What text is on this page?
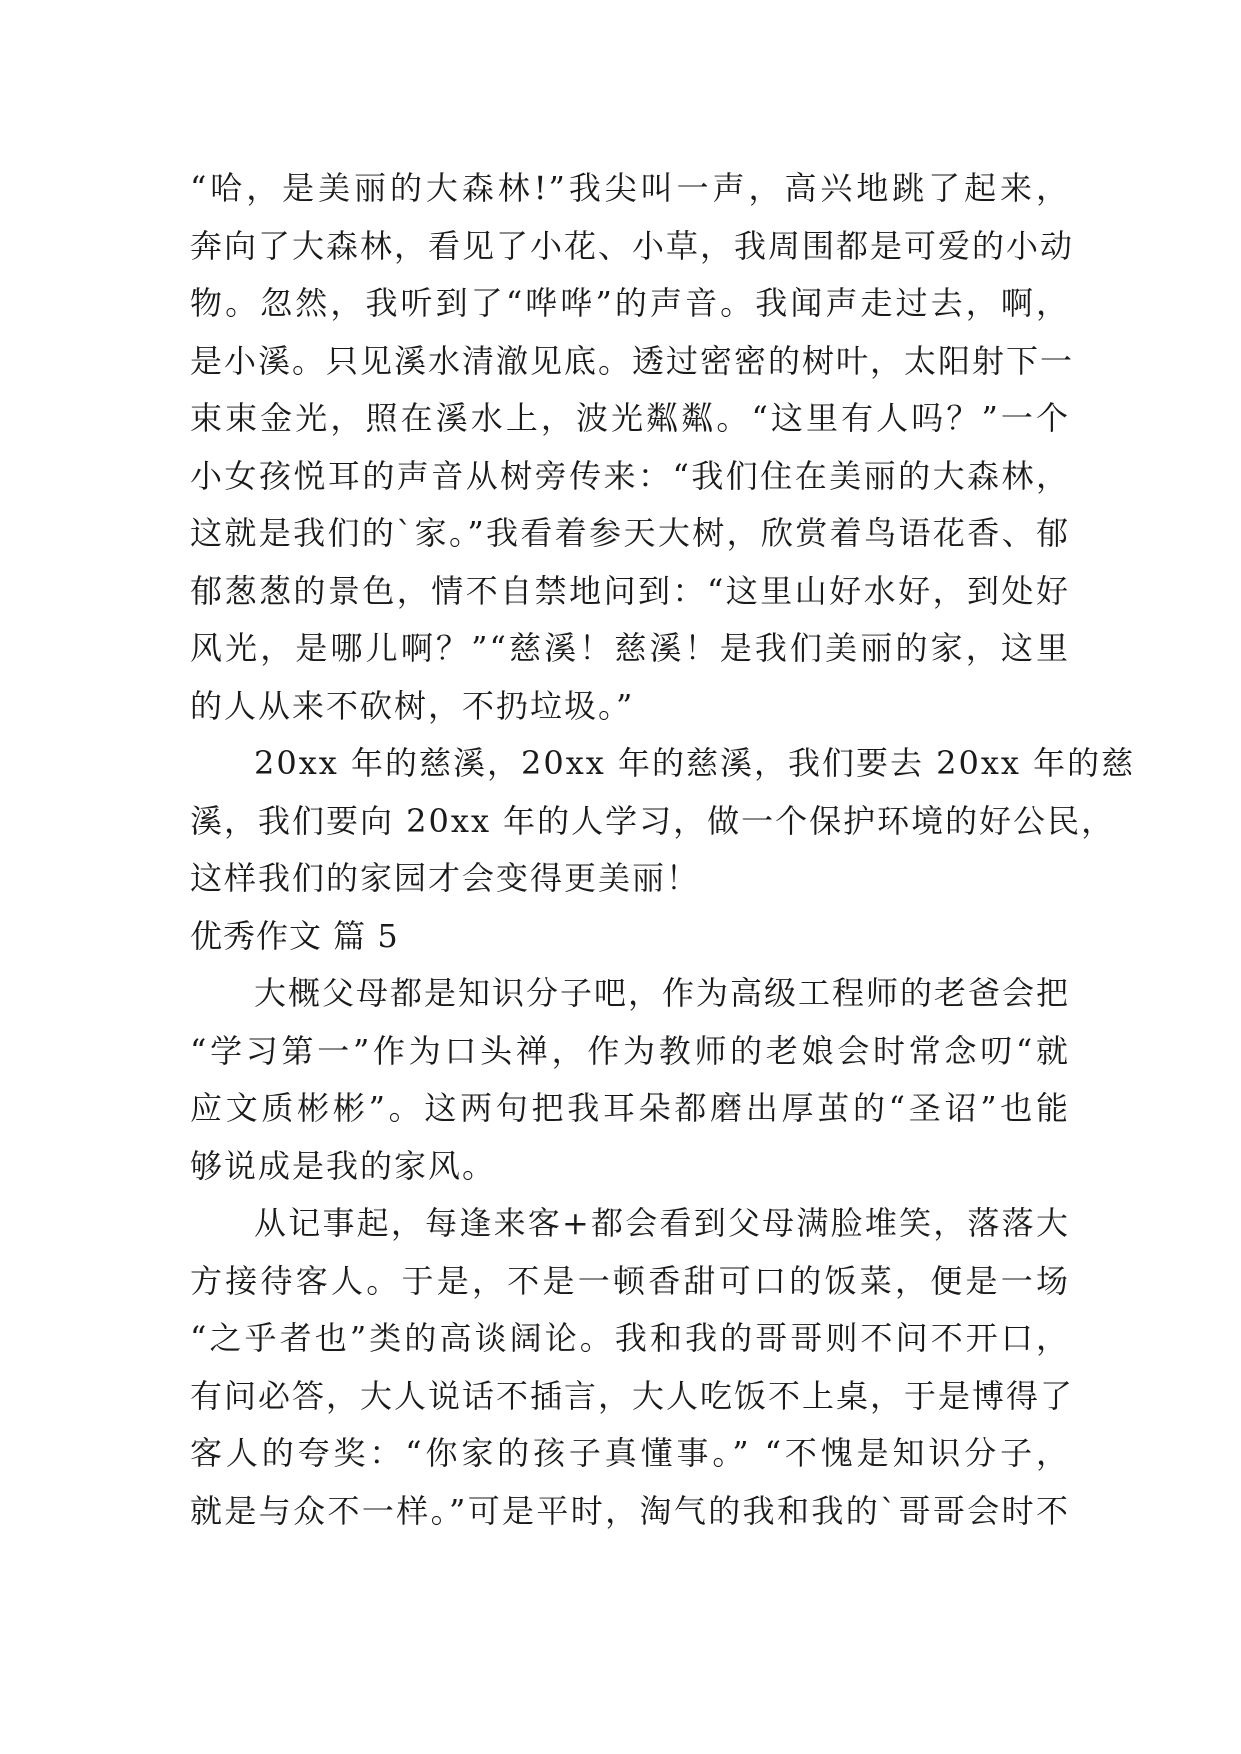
“哈，是美丽的大森林!”我尖叫一声，高兴地跳了起来，
奔向了大森林，看见了小花、小草，我周围都是可爱的小动
物。忽然，我听到了“哗哗”的声音。我闻声走过去，啊，
是小溪。只见溪水清澈见底。透过密密的树叶，太阳射下一
束束金光，照在溪水上，波光粼粼。“这里有人吗？”一个
小女孩悦耳的声音从树旁传来：“我们住在美丽的大森林，
这就是我们的`家。”我看着参天大树，欣赏着鸟语花香、郁
郁葱葱的景色，情不自禁地问到：“这里山好水好，到处好
风光，是哪儿啊？”“慈溪！慈溪！是我们美丽的家，这里
的人从来不砍树，不扔垃圾。”
20xx 年的慈溪，20xx 年的慈溪，我们要去 20xx 年的慈
溪，我们要向 20xx 年的人学习，做一个保护环境的好公民，
这样我们的家园才会变得更美丽！
优秀作文 篇 5
大概父母都是知识分子吧，作为高级工程师的老爸会把
“学习第一”作为口头禅，作为教师的老娘会时常念叨“就
应文质彬彬”。这两句把我耳朵都磨出厚茧的“圣诏”也能
够说成是我的家风。
从记事起，每逢来客+都会看到父母满脸堆笑，落落大
方接待客人。于是，不是一顿香甜可口的饭菜，便是一场
“之乎者也”类的高谈阔论。我和我的哥哥则不问不开口，
有问必答，大人说话不插言，大人吃饭不上桌，于是博得了
客人的夸奖：“你家的孩子真懂事。” “不愧是知识分子，
就是与众不一样。”可是平时，淘气的我和我的`哥哥会时不
